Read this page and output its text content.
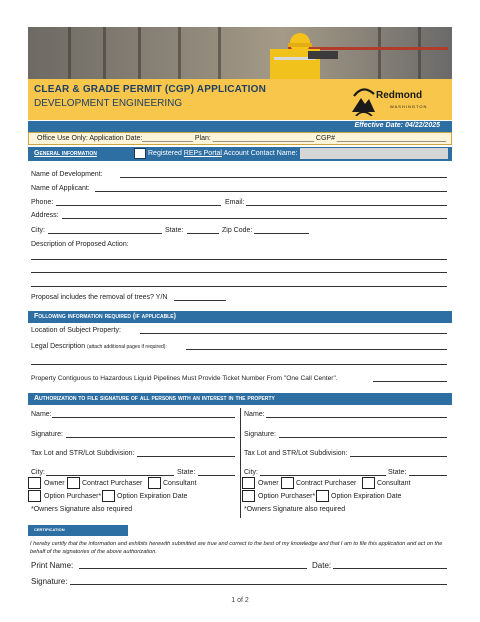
CLEAR & GRADE PERMIT (CGP) APPLICATION
DEVELOPMENT ENGINEERING
Redmond
WASHINGTON
Effective Date: 04/22/2025
Office Use Only: Application Date:_____________ Plan: __________________________ CGP# ____________________________
General information	Registered REPs Portal Account Contact Name:
Name of Development:
Name of Applicant:
Phone:	Email:
Address:
City:	State:	Zip Code:
Description of Proposed Action:
Proposal includes the removal of trees? Y/N
Following information required (if applicable)
Location of Subject Property:
Legal Description (attach additional pages if required):
Property Contiguous to Hazardous Liquid Pipelines Must Provide Ticket Number From "One Call Center".
Authorization to file signature of all persons with an interest in the property
Name:
Signature:
Tax Lot and STR/Lot Subdivision:
City:	State:
Owner Contract Purchaser	Consultant
Option Purchaser* Option Expiration Date
*Owners Signature also required
Name:
Signature:
Tax Lot and STR/Lot Subdivision:
City:	State:
Owner Contract Purchaser	Consultant
Option Purchaser* Option Expiration Date
*Owners Signature also required
certification
I hereby certify that the information and exhibits herewith submitted are true and correct to the best of my knowledge and that I am to file this application and act on the behalf of the signatories of the above authorization.
Print Name:	Date:
Signature:
1 of 2
